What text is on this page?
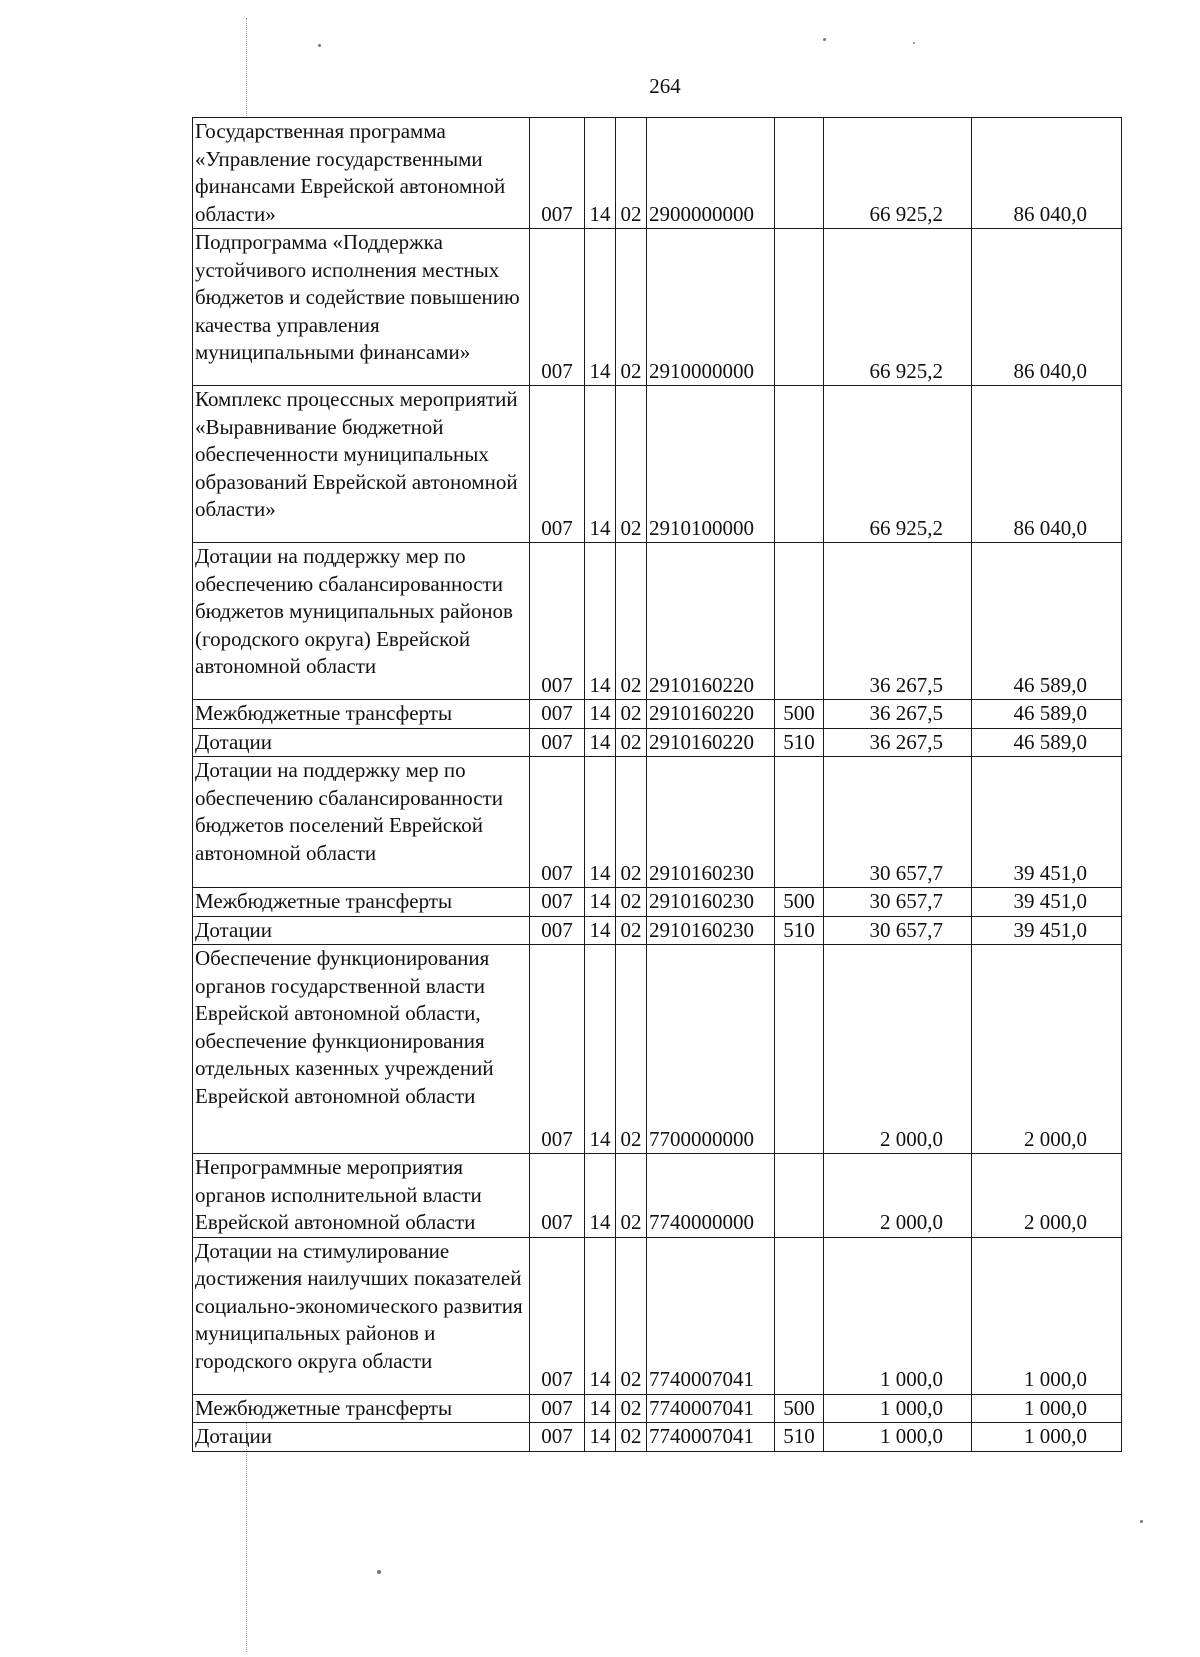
264
Государственная программа «Управление государственными финансами Еврейской автономной области»	007	14	02	2900000000		66 925,2	86 040,0
Подпрограмма «Поддержка устойчивого исполнения местных бюджетов и содействие повышению качества управления муниципальными финансами»	007	14	02	2910000000		66 925,2	86 040,0
Комплекс процессных мероприятий «Выравнивание бюджетной обеспеченности муниципальных образований Еврейской автономной области»	007	14	02	2910100000		66 925,2	86 040,0
Дотации на поддержку мер по обеспечению сбалансированности бюджетов муниципальных районов (городского округа) Еврейской автономной области	007	14	02	2910160220		36 267,5	46 589,0
Межбюджетные трансферты	007	14	02	2910160220	500	36 267,5	46 589,0
Дотации	007	14	02	2910160220	510	36 267,5	46 589,0
Дотации на поддержку мер по обеспечению сбалансированности бюджетов поселений Еврейской автономной области	007	14	02	2910160230		30 657,7	39 451,0
Межбюджетные трансферты	007	14	02	2910160230	500	30 657,7	39 451,0
Дотации	007	14	02	2910160230	510	30 657,7	39 451,0
Обеспечение функционирования органов государственной власти Еврейской автономной области, обеспечение функционирования отдельных казенных учреждений Еврейской автономной области	007	14	02	7700000000		2 000,0	2 000,0
Непрограммные мероприятия органов исполнительной власти Еврейской автономной области	007	14	02	7740000000		2 000,0	2 000,0
Дотации на стимулирование достижения наилучших показателей социально-экономического развития муниципальных районов и городского округа области	007	14	02	7740007041		1 000,0	1 000,0
Межбюджетные трансферты	007	14	02	7740007041	500	1 000,0	1 000,0
Дотации	007	14	02	7740007041	510	1 000,0	1 000,0
